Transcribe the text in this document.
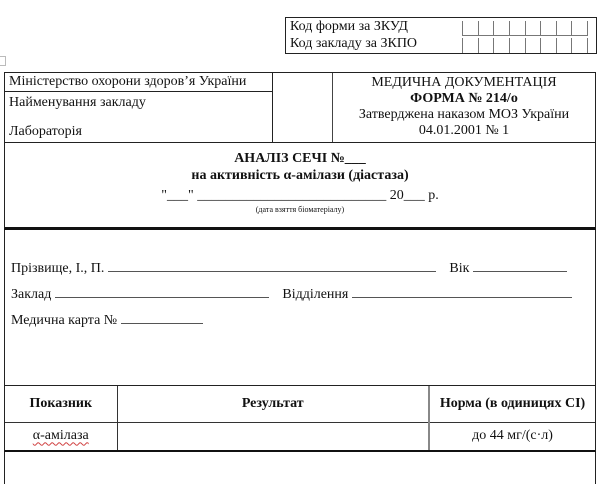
Код форми за ЗКУД
Код закладу за ЗКПО
Міністерство охорони здоров’я України
Найменування закладу
Лабораторія
МЕДИЧНА ДОКУМЕНТАЦІЯ
ФОРМА № 214/о
Затверджена наказом МОЗ України
04.01.2001 № 1
АНАЛІЗ СЕЧІ №___
на активність α-амілази (діастаза)
"___" ___________________________ 20___ р.
(дата взяття біоматеріалу)
Прізвище, І., П.	Вік
Заклад	Відділення
Медична карта №
Показник	Результат	Норма (в одиницях СІ)
α-амілаза		до 44 мг/(с·л)
